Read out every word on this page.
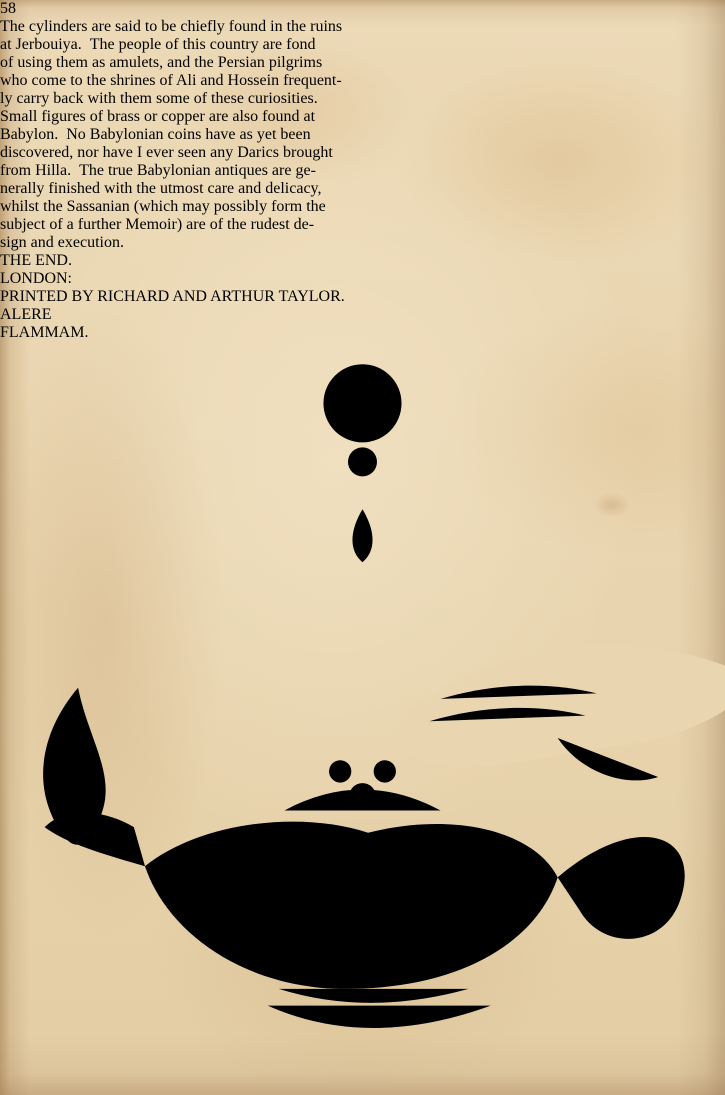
58
The cylinders are said to be chiefly found in the ruins
at Jerbouiya. The people of this country are fond
of using them as amulets, and the Persian pilgrims
who come to the shrines of Ali and Hossein frequent-
ly carry back with them some of these curiosities.
Small figures of brass or copper are also found at
Babylon. No Babylonian coins have as yet been
discovered, nor have I ever seen any Darics brought
from Hilla. The true Babylonian antiques are ge-
nerally finished with the utmost care and delicacy,
whilst the Sassanian (which may possibly form the
subject of a further Memoir) are of the rudest de-
sign and execution.
THE END.
LONDON:
PRINTED BY RICHARD AND ARTHUR TAYLOR.
ALERE
FLAMMAM.
